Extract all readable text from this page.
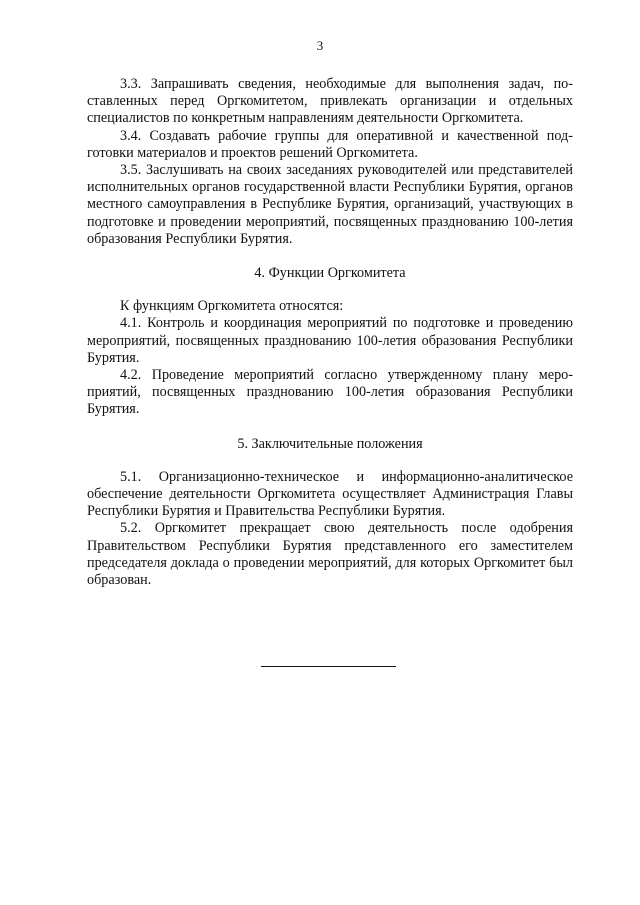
3

3.3. Запрашивать сведения, необходимые для выполнения задач, поставленных перед Оргкомитетом, привлекать организации и отдельных специалистов по конкретным направлениям деятельности Оргкомитета.

3.4. Создавать рабочие группы для оперативной и качественной подготовки материалов и проектов решений Оргкомитета.

3.5. Заслушивать на своих заседаниях руководителей или представителей исполнительных органов государственной власти Республики Бурятия, органов местного самоуправления в Республике Бурятия, организаций, участвующих в подготовке и проведении мероприятий, посвященных празднованию 100-летия образования Республики Бурятия.

4. Функции Оргкомитета

К функциям Оргкомитета относятся:

4.1. Контроль и координация мероприятий по подготовке и проведению мероприятий, посвященных празднованию 100-летия образования Республики Бурятия.

4.2. Проведение мероприятий согласно утвержденному плану мероприятий, посвященных празднованию 100-летия образования Республики Бурятия.

5. Заключительные положения

5.1. Организационно-техническое и информационно-аналитическое обеспечение деятельности Оргкомитета осуществляет Администрация Главы Республики Бурятия и Правительства Республики Бурятия.

5.2. Оргкомитет прекращает свою деятельность после одобрения Правительством Республики Бурятия представленного его заместителем председателя доклада о проведении мероприятий, для которых Оргкомитет был образован.
